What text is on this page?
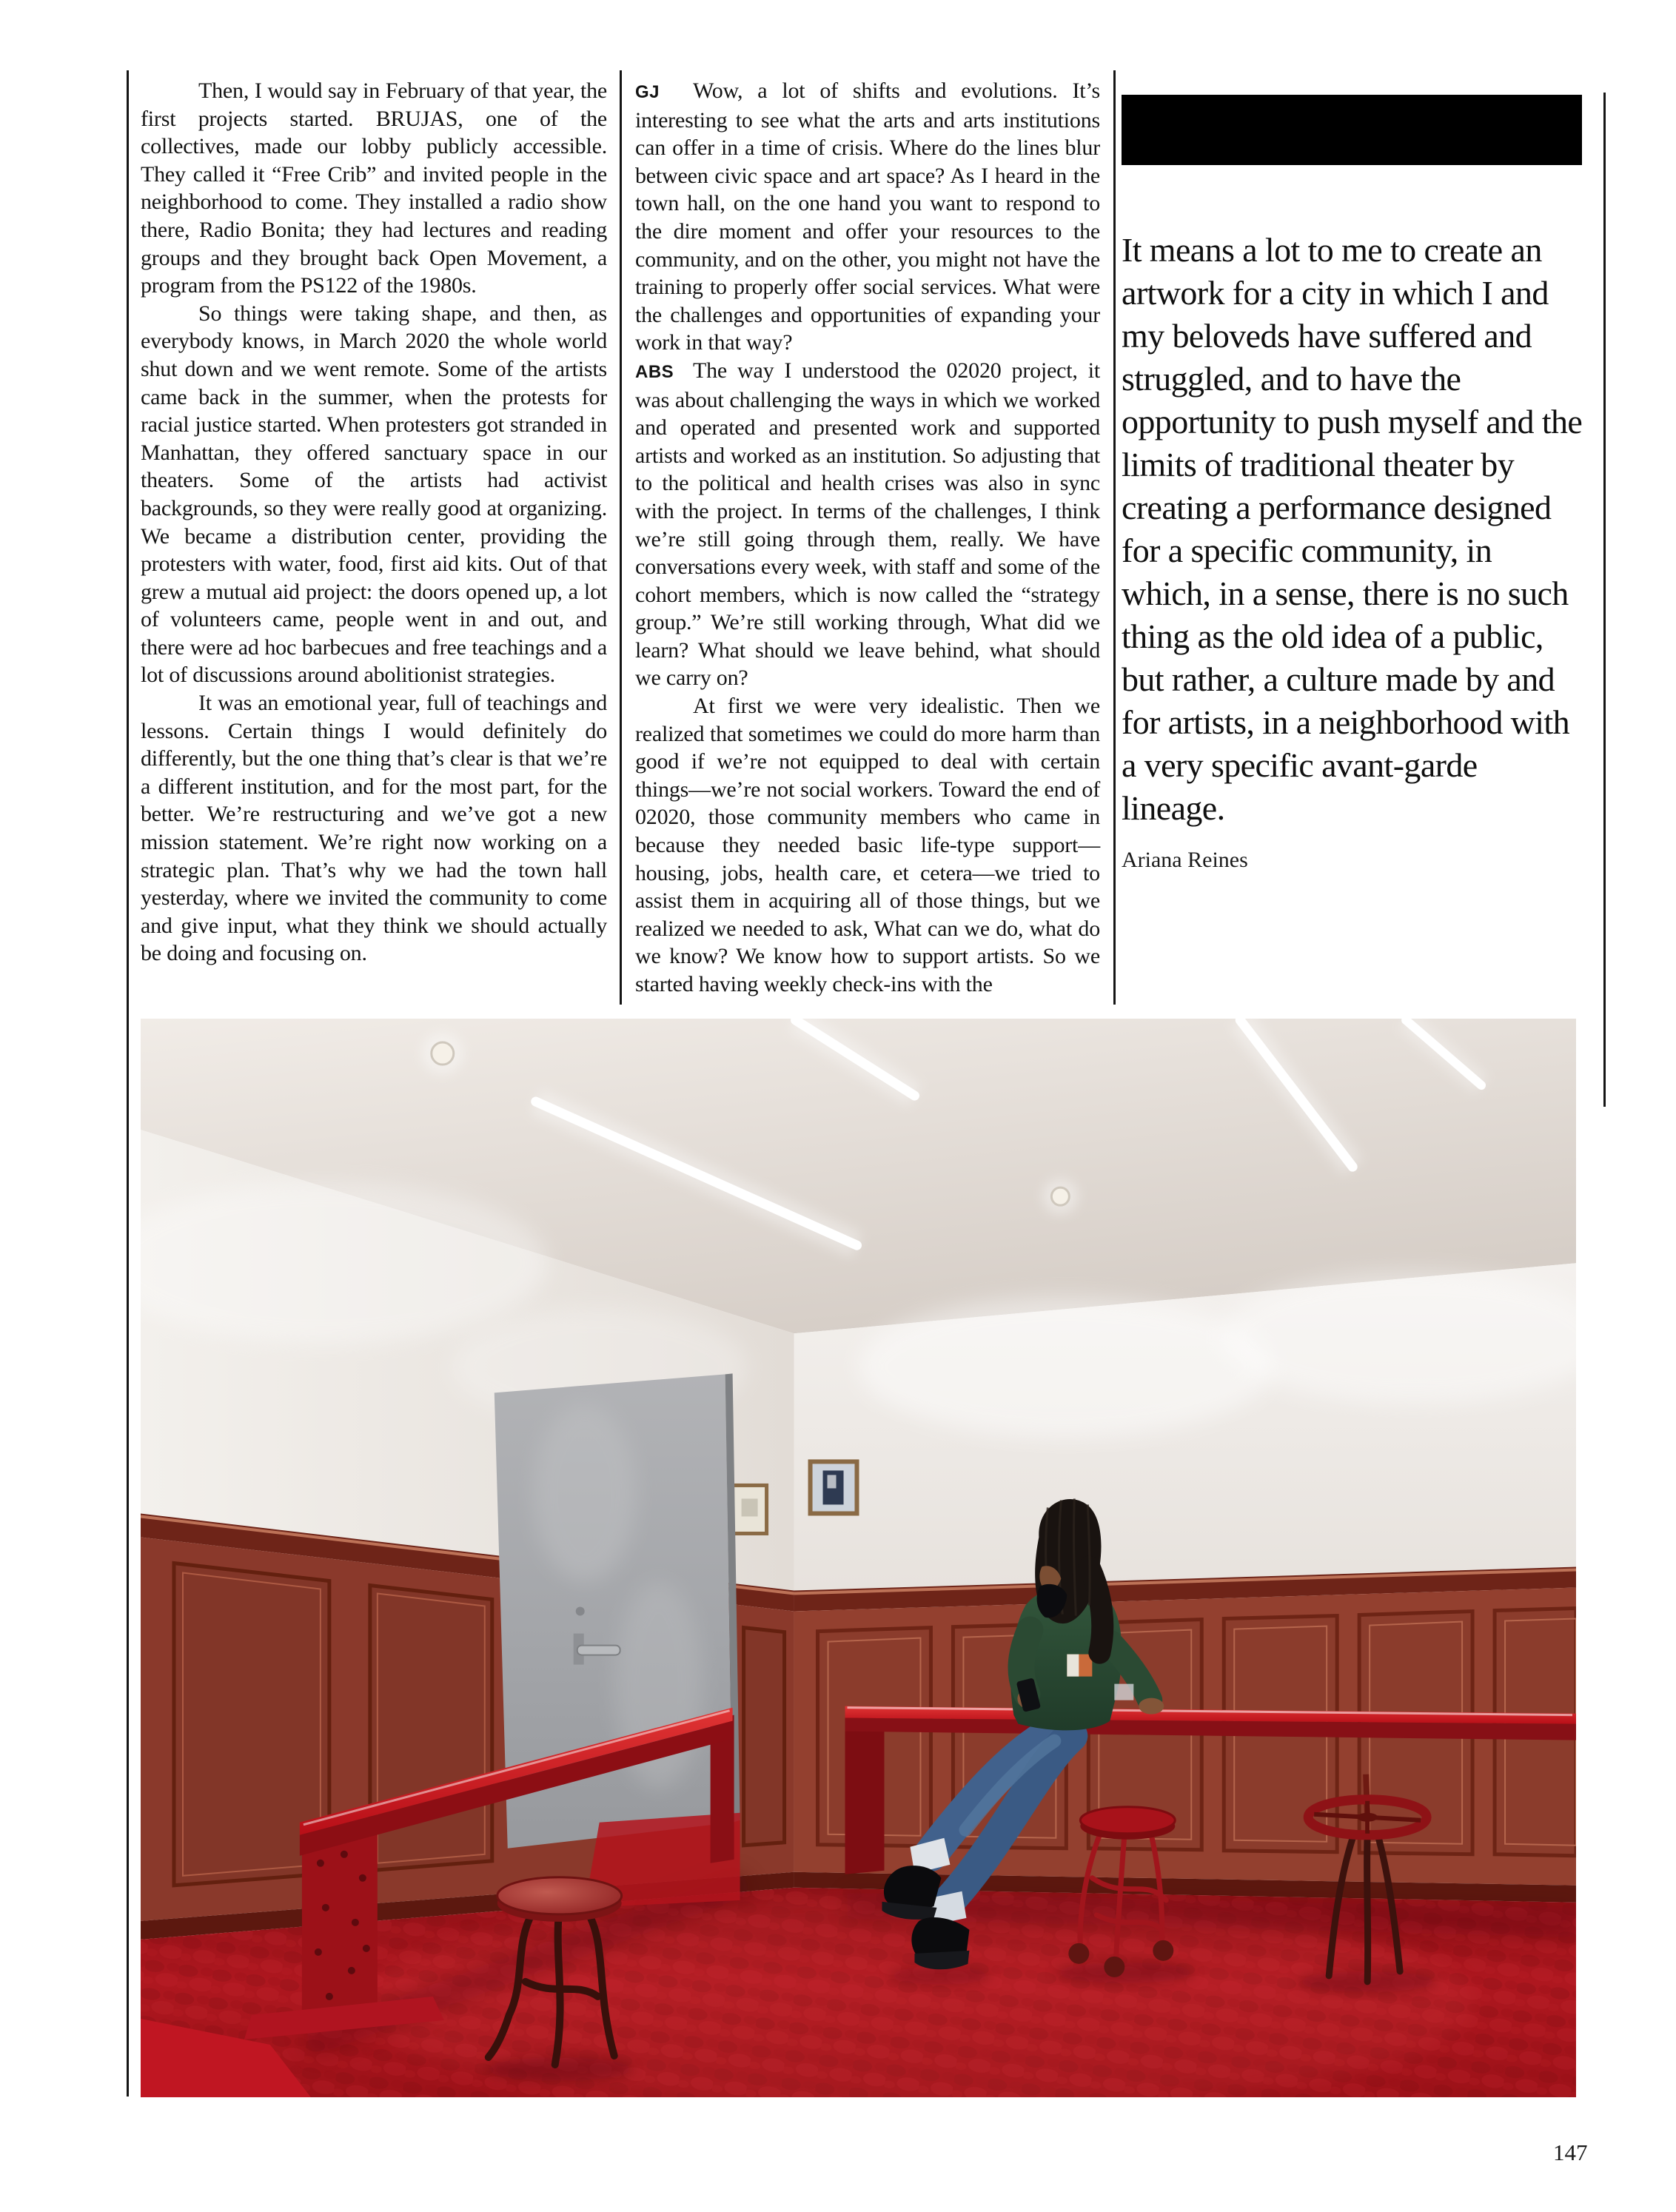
Then, I would say in February of that year, the first projects started. BRUJAS, one of the collectives, made our lobby publicly accessible. They called it “Free Crib” and invited people in the neighborhood to come. They installed a radio show there, Radio Bonita; they had lectures and reading groups and they brought back Open Movement, a program from the PS122 of the 1980s.

So things were taking shape, and then, as everybody knows, in March 2020 the whole world shut down and we went remote. Some of the artists came back in the summer, when the protests for racial justice started. When protesters got stranded in Manhattan, they offered sanctuary space in our theaters. Some of the artists had activist backgrounds, so they were really good at organizing. We became a distribution center, providing the protesters with water, food, first aid kits. Out of that grew a mutual aid project: the doors opened up, a lot of volunteers came, people went in and out, and there were ad hoc barbecues and free teachings and a lot of discussions around abolitionist strategies.

It was an emotional year, full of teachings and lessons. Certain things I would definitely do differently, but the one thing that’s clear is that we’re a different institution, and for the most part, for the better. We’re restructuring and we’ve got a new mission statement. We’re right now working on a strategic plan. That’s why we had the town hall yesterday, where we invited the community to come and give input, what they think we should actually be doing and focusing on.

GJ Wow, a lot of shifts and evolutions. It’s interesting to see what the arts and arts institutions can offer in a time of crisis. Where do the lines blur between civic space and art space? As I heard in the town hall, on the one hand you want to respond to the dire moment and offer your resources to the community, and on the other, you might not have the training to properly offer social services. What were the challenges and opportunities of expanding your work in that way?

ABS The way I understood the 02020 project, it was about challenging the ways in which we worked and operated and presented work and supported artists and worked as an institution. So adjusting that to the political and health crises was also in sync with the project. In terms of the challenges, I think we’re still going through them, really. We have conversations every week, with staff and some of the cohort members, which is now called the “strategy group.” We’re still working through, What did we learn? What should we leave behind, what should we carry on?

At first we were very idealistic. Then we realized that sometimes we could do more harm than good if we’re not equipped to deal with certain things—we’re not social workers. Toward the end of 02020, those community members who came in because they needed basic life-type support—housing, jobs, health care, et cetera—we tried to assist them in acquiring all of those things, but we realized we needed to ask, What can we do, what do we know? We know how to support artists. So we started having weekly check-ins with the

It means a lot to me to create an artwork for a city in which I and my beloveds have suffered and struggled, and to have the opportunity to push myself and the limits of traditional theater by creating a performance designed for a specific community, in which, in a sense, there is no such thing as the old idea of a public, but rather, a culture made by and for artists, in a neighborhood with a very specific avant-garde lineage.
Ariana Reines
147
